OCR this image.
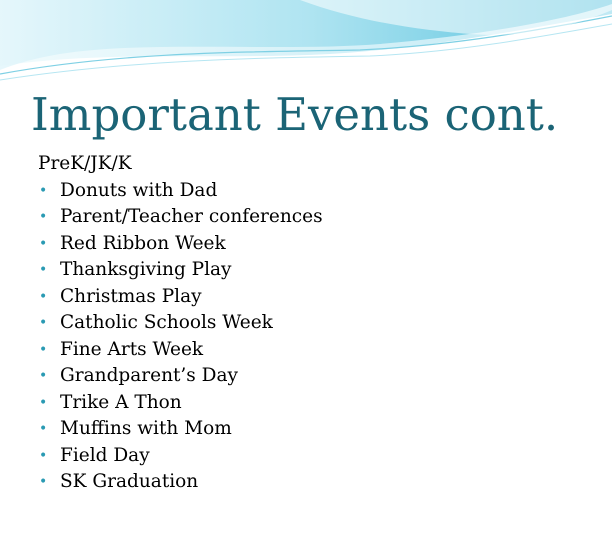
Important Events cont.
PreK/JK/K
• Donuts with Dad
• Parent/Teacher conferences
• Red Ribbon Week
• Thanksgiving Play
• Christmas Play
• Catholic Schools Week
• Fine Arts Week
• Grandparent’s Day
• Trike A Thon
• Muffins with Mom
• Field Day
• SK Graduation
